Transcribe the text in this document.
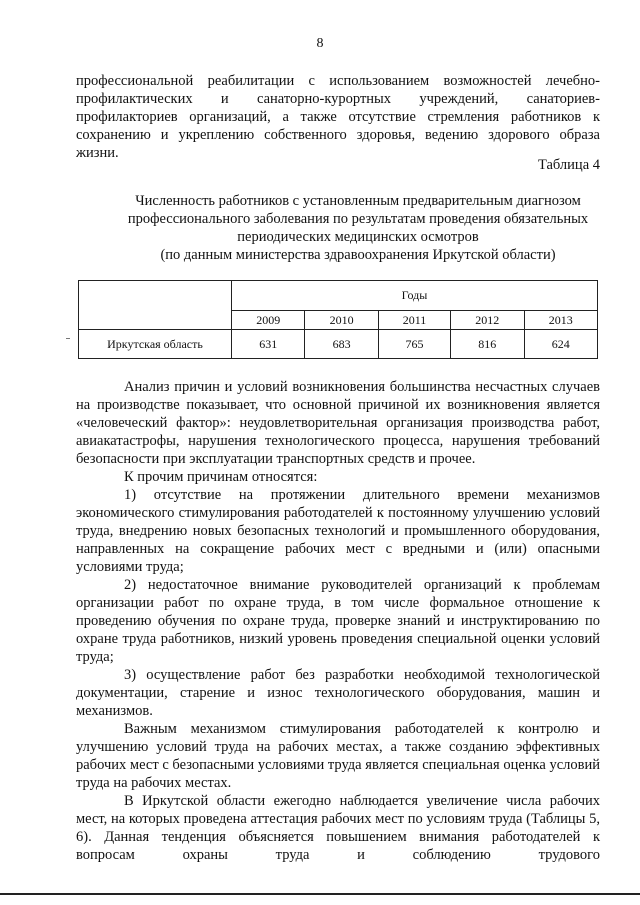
8
профессиональной реабилитации с использованием возможностей лечебно-
профилактических и санаторно-курортных учреждений, санаториев-
профилакториев организаций, а также отсутствие стремления работников к
сохранению и укреплению собственного здоровья, ведению здорового образа
жизни.
Таблица 4
Численность работников с установленным предварительным диагнозом
профессионального заболевания по результатам проведения обязательных
периодических медицинских осмотров
(по данным министерства здравоохранения Иркутской области)
	Годы				
	2009	2010	2011	2012	2013
Иркутская область	631	683	765	816	624

Анализ причин и условий возникновения большинства несчастных случаев на производстве показывает, что основной причиной их возникновения является «человеческий фактор»: неудовлетворительная организация производства работ, авиакатастрофы, нарушения технологического процесса, нарушения требований безопасности при эксплуатации транспортных средств и прочее.

К прочим причинам относятся:

1) отсутствие на протяжении длительного времени механизмов экономического стимулирования работодателей к постоянному улучшению условий труда, внедрению новых безопасных технологий и промышленного оборудования, направленных на сокращение рабочих мест с вредными и (или) опасными условиями труда;

2) недостаточное внимание руководителей организаций к проблемам организации работ по охране труда, в том числе формальное отношение к проведению обучения по охране труда, проверке знаний и инструктированию по охране труда работников, низкий уровень проведения специальной оценки условий труда;

3) осуществление работ без разработки необходимой технологической документации, старение и износ технологического оборудования, машин и механизмов.

Важным механизмом стимулирования работодателей к контролю и улучшению условий труда на рабочих местах, а также созданию эффективных рабочих мест с безопасными условиями труда является специальная оценка условий труда на рабочих местах.

В Иркутской области ежегодно наблюдается увеличение числа рабочих мест, на которых проведена аттестация рабочих мест по условиям труда (Таблицы 5, 6). Данная тенденция объясняется повышением внимания работодателей к вопросам охраны труда и соблюдению трудового
